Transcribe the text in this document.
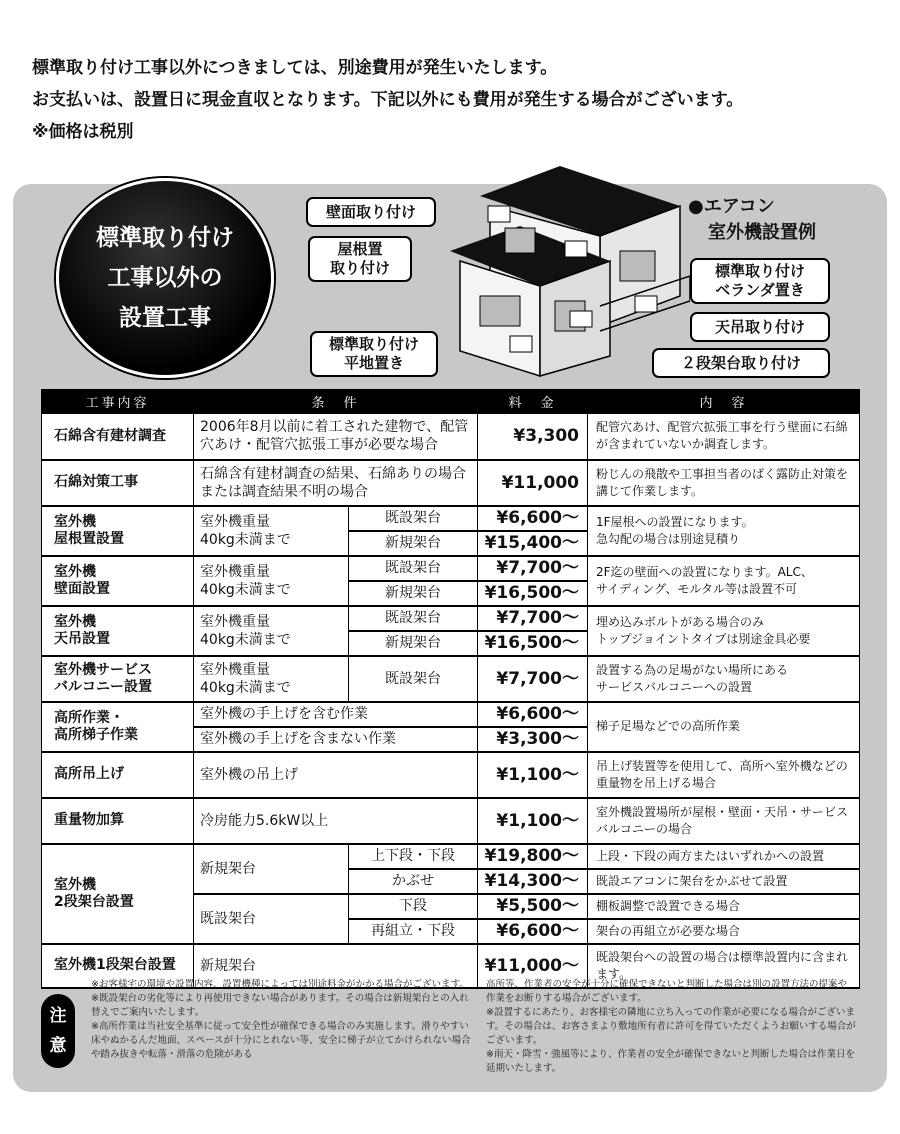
標準取り付け工事以外につきましては、別途費用が発生いたします。

お支払いは、設置日に現金直収となります。下記以外にも費用が発生する場合がございます。

※価格は税別

標準取り付け
工事以外の
設置工事
●エアコン
室外機設置例
壁面取り付け
屋根置
取り付け
標準取り付け
平地置き
標準取り付け
ベランダ置き
天吊取り付け
２段架台取り付け
工事内容	条　件		料　金	内　容
石綿含有建材調査	2006年8月以前に着工された建物で、配管穴あけ・配管穴拡張工事が必要な場合		¥3,300	配管穴あけ、配管穴拡張工事を行う壁面に石綿が含まれていないか調査します。
石綿対策工事	石綿含有建材調査の結果、石綿ありの場合または調査結果不明の場合		¥11,000	粉じんの飛散や工事担当者のばく露防止対策を講じて作業します。
室外機
屋根置設置	室外機重量
40kg未満まで	既設架台	¥6,600～	1F屋根への設置になります。
急勾配の場合は別途見積り
		新規架台	¥15,400～	
室外機
壁面設置	室外機重量
40kg未満まで	既設架台	¥7,700～	2F迄の壁面への設置になります。ALC、
サイディング、モルタル等は設置不可
		新規架台	¥16,500～	
室外機
天吊設置	室外機重量
40kg未満まで	既設架台	¥7,700～	埋め込みボルトがある場合のみ
トップジョイントタイプは別途金具必要
		新規架台	¥16,500～	
室外機サービス
バルコニー設置	室外機重量
40kg未満まで	既設架台	¥7,700～	設置する為の足場がない場所にある
サービスバルコニーへの設置
高所作業・
高所梯子作業	室外機の手上げを含む作業		¥6,600～	梯子足場などでの高所作業
	室外機の手上げを含まない作業		¥3,300～	
高所吊上げ	室外機の吊上げ		¥1,100～	吊上げ装置等を使用して、高所へ室外機などの重量物を吊上げる場合
重量物加算	冷房能力5.6kW以上		¥1,100～	室外機設置場所が屋根・壁面・天吊・サービスバルコニーの場合
室外機
2段架台設置	新規架台	上下段・下段	¥19,800～	上段・下段の両方またはいずれかへの設置
		かぶせ	¥14,300～	既設エアコンに架台をかぶせて設置
	既設架台	下段	¥5,500～	棚板調整で設置できる場合
		再組立・下段	¥6,600～	架台の再組立が必要な場合
室外機1段架台設置	新規架台		¥11,000～	既設架台への設置の場合は標準設置内に含まれます。
注
意

※お客様宅の環境や設置内容、設置機種によっては別途料金がかかる場合がございます。

※既設架台の劣化等により再使用できない場合があります。その場合は新規架台との入れ替えでご案内いたします。

※高所作業は当社安全基準に従って安全性が確保できる場合のみ実施します。滑りやすい床やぬかるんだ地面、スペースが十分にとれない等、安全に梯子が立てかけられない場合や踏み抜きや転落・滑落の危険がある

高所等、作業者の安全が十分に確保できないと判断した場合は別の設置方法の提案や作業をお断りする場合がございます。

※設置するにあたり、お客様宅の隣地に立ち入っての作業が必要になる場合がございます。その場合は、お客さまより敷地所有者に許可を得ていただくようお願いする場合がございます。

※雨天・降雪・強風等により、作業者の安全が確保できないと判断した場合は作業日を延期いたします。
